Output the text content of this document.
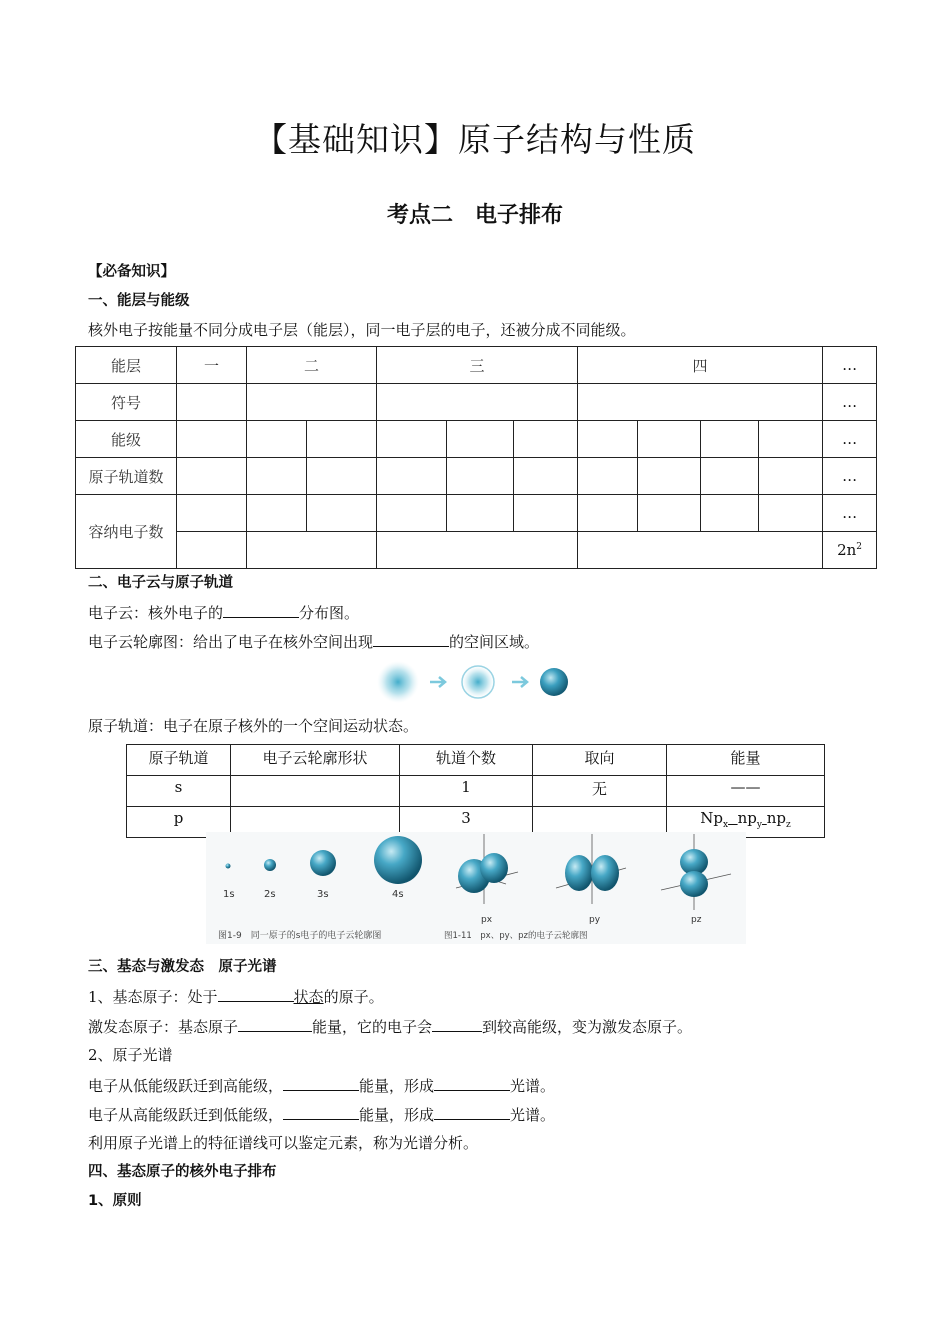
【基础知识】原子结构与性质
考点二　电子排布
【必备知识】
一、能层与能级
核外电子按能量不同分成电子层（能层），同一电子层的电子，还被分成不同能级。
能层	一	二		三			四				…
符号											…
能级											…
原子轨道数											…
容纳电子数											…
											$2n^2$
二、电子云与原子轨道
电子云：核外电子的	分布图。
电子云轮廓图：给出了电子在核外空间出现	的空间区域。
原子轨道：电子在原子核外的一个空间运动状态。
原子轨道	电子云轮廓形状	轨道个数	取向	能量
s		1	无	——
p		3		$Np_x​$  $np_y$ $np_z$
1s	2s	3s	4s
px	py	pz
图1-9　同一原子的s电子的电子云轮廓图	图1-11　px、py、pz的电子云轮廓图
三、基态与激发态　原子光谱
1、基态原子：处于	状态的原子。
激发态原子：基态原子	能量，它的电子会	到较高能级，变为激发态原子。
2、原子光谱
电子从低能级跃迁到高能级，	能量，形成	光谱。
电子从高能级跃迁到低能级，	能量，形成	光谱。
利用原子光谱上的特征谱线可以鉴定元素，称为光谱分析。
四、基态原子的核外电子排布
1、原则
